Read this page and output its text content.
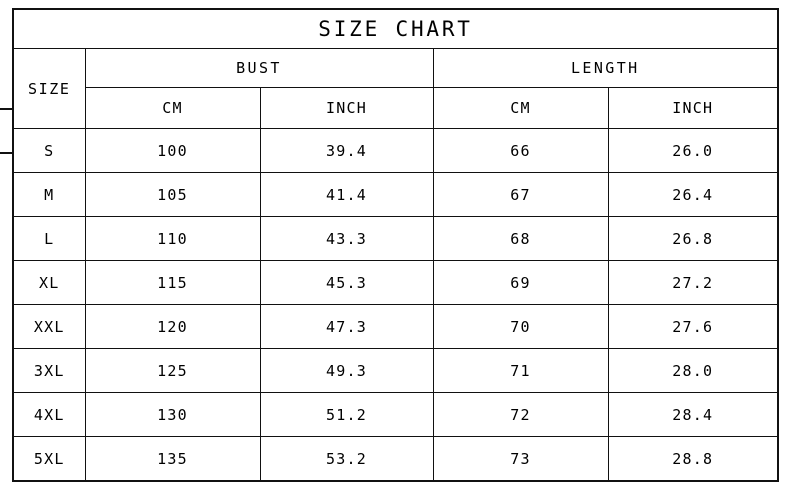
SIZE CHART				
SIZE	BUST		LENGTH	
	CM	INCH	CM	INCH
S	100	39.4	66	26.0
M	105	41.4	67	26.4
L	110	43.3	68	26.8
XL	115	45.3	69	27.2
XXL	120	47.3	70	27.6
3XL	125	49.3	71	28.0
4XL	130	51.2	72	28.4
5XL	135	53.2	73	28.8
